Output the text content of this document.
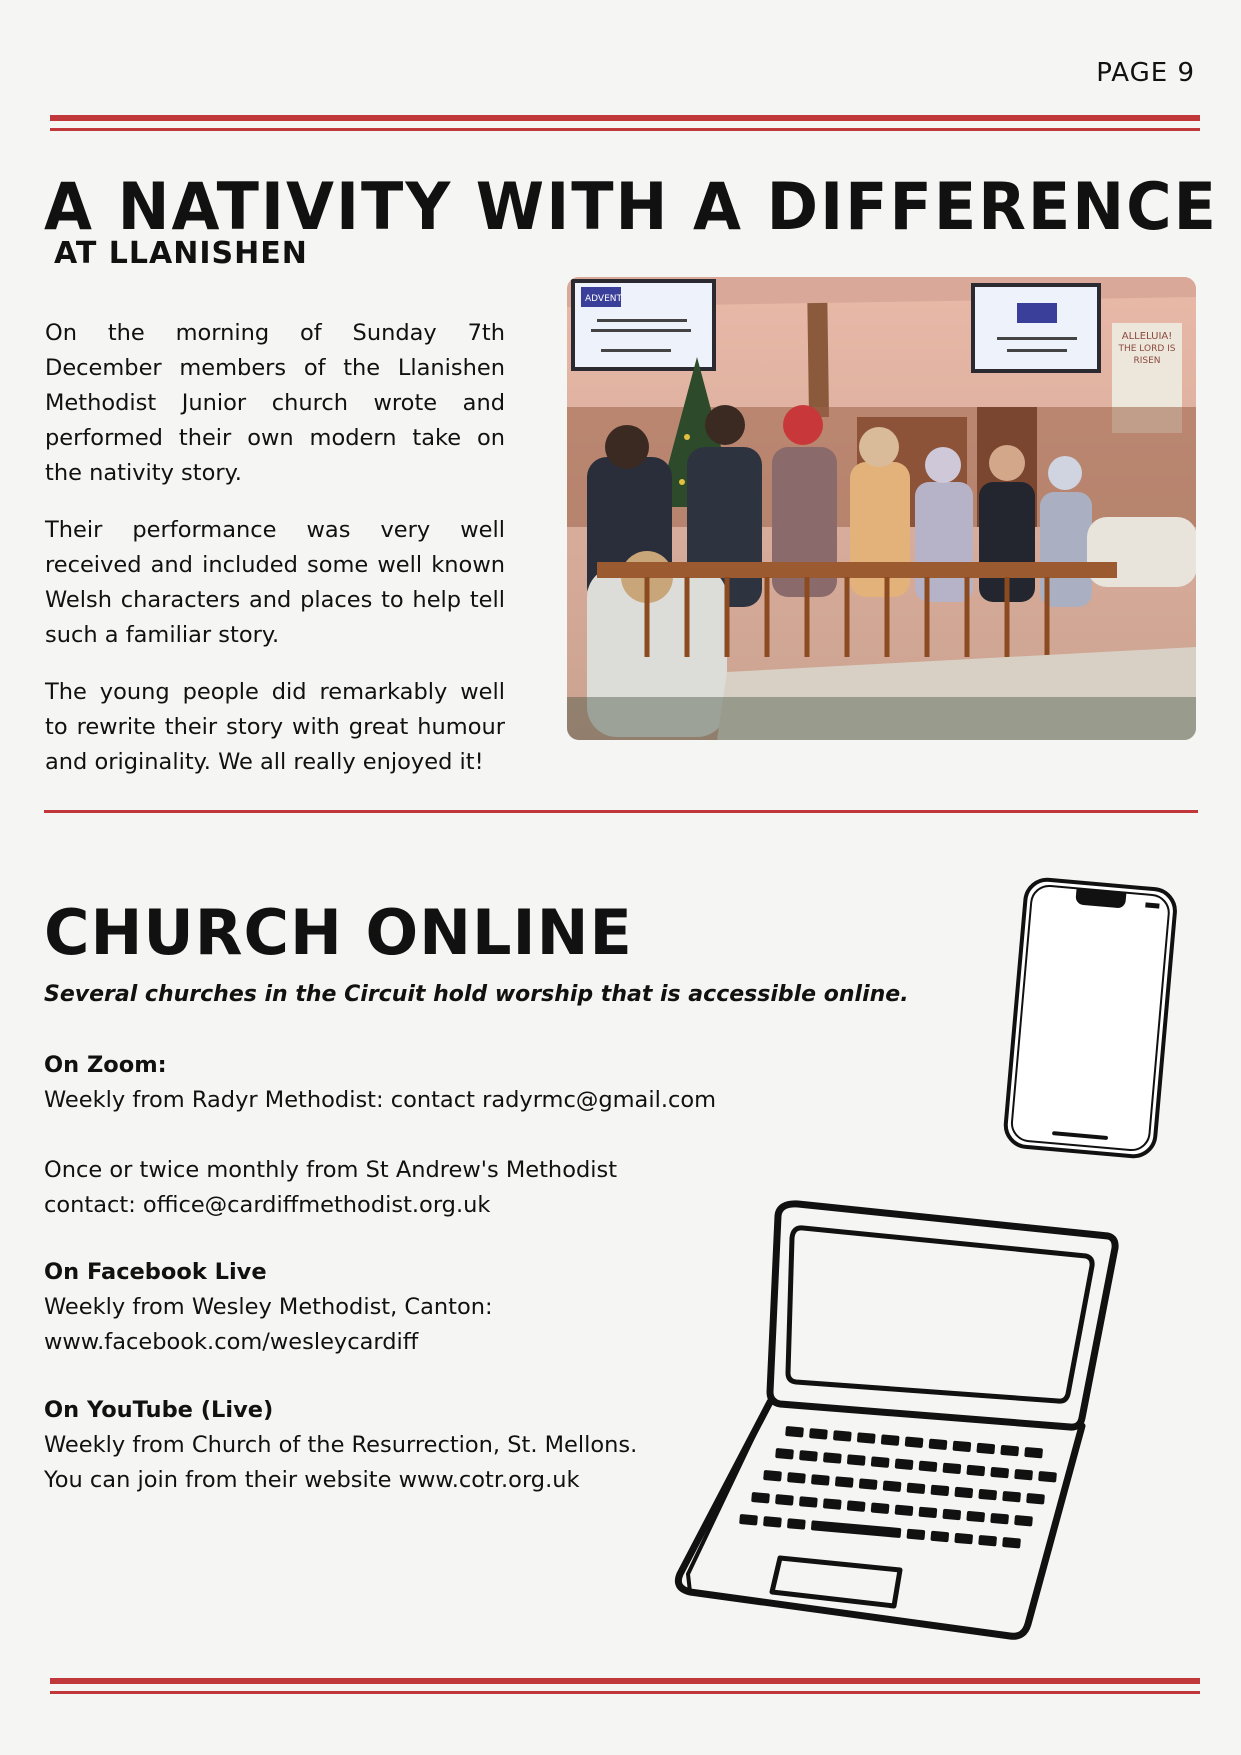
PAGE 9
A NATIVITY WITH A DIFFERENCE
AT LLANISHEN

On the morning of Sunday 7th December members of the Llanishen Methodist Junior church wrote and performed their own modern take on the nativity story.

Their performance was very well received and included some well known Welsh characters and places to help tell such a familiar story.

The young people did remarkably well to rewrite their story with great humour and originality. We all really enjoyed it!

ADVENT
ALLELUIA!
THE LORD IS
RISEN
CHURCH ONLINE
Several churches in the Circuit hold worship that is accessible online.
On Zoom:
Weekly from Radyr Methodist: contact radyrmc@gmail.com
Once or twice monthly from St Andrew's Methodist
contact: office@cardiffmethodist.org.uk
On Facebook Live
Weekly from Wesley Methodist, Canton:
www.facebook.com/wesleycardiff
On YouTube (Live)
Weekly from Church of the Resurrection, St. Mellons.
You can join from their website www.cotr.org.uk
